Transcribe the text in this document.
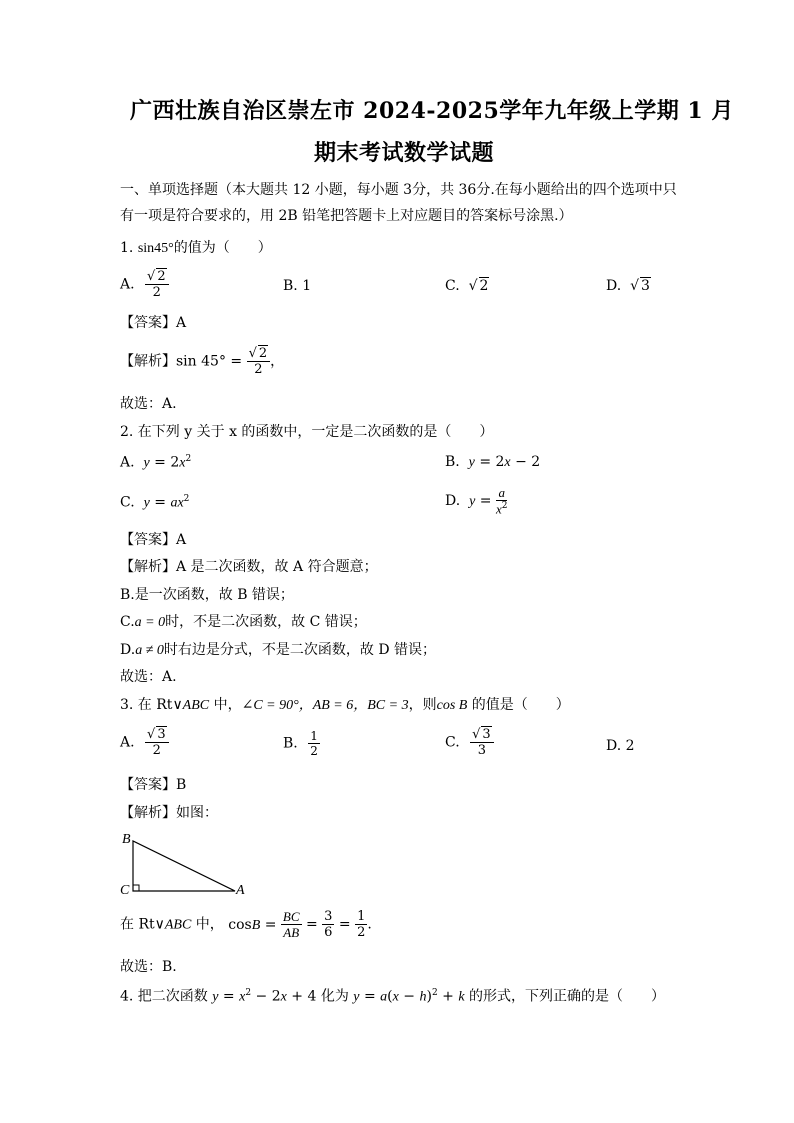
广西壮族自治区崇左市 2024-2025学年九年级上学期 1 月
期末考试数学试题
一、单项选择题（本大题共 12 小题，每小题 3分，共 36分.在每小题给出的四个选项中只
有一项是符合要求的，用 2B 铅笔把答题卡上对应题目的答案标号涂黑.）
1. sin45°的值为（　　）
A. $\frac{√ 2}{2}$	B. 1	C.  √ 2	D.  √ 3
【答案】A
【解析】$\sin 45^\circ = \frac{√ 2}{2}$ ，
故选：A.
2. 在下列 y 关于 x 的函数中，一定是二次函数的是（　　）
A. $y = 2x^2$	B. y = 2x − 2
C. $y = ax^2$	D. $y = \frac{a}{x^2}$
【答案】A
【解析】A 是二次函数，故 A 符合题意；
B.是一次函数，故 B 错误；
C.a = 0时，不是二次函数，故 C 错误；
D.a ≠ 0时右边是分式，不是二次函数，故 D 错误；
故选：A.
3. 在 Rt∨ABC 中，∠C = 90°，AB = 6，BC = 3，则cos B 的值是（　　）
A. $\frac{√ 3}{2}$	B. $\frac{1}{2}$	C. $\frac{√ 3}{3}$	D. 2
【答案】B
【解析】如图：
B
C	A
在 Rt∨ABC 中， $\cos B = \frac{BC}{AB} = \frac{3}{6} = \frac{1}{2}$ .
故选：B.
4. 把二次函数 $y = x^2 - 2x + 4$ 化为 $y = a(x - h)^2 + k$ 的形式，下列正确的是（　　）
